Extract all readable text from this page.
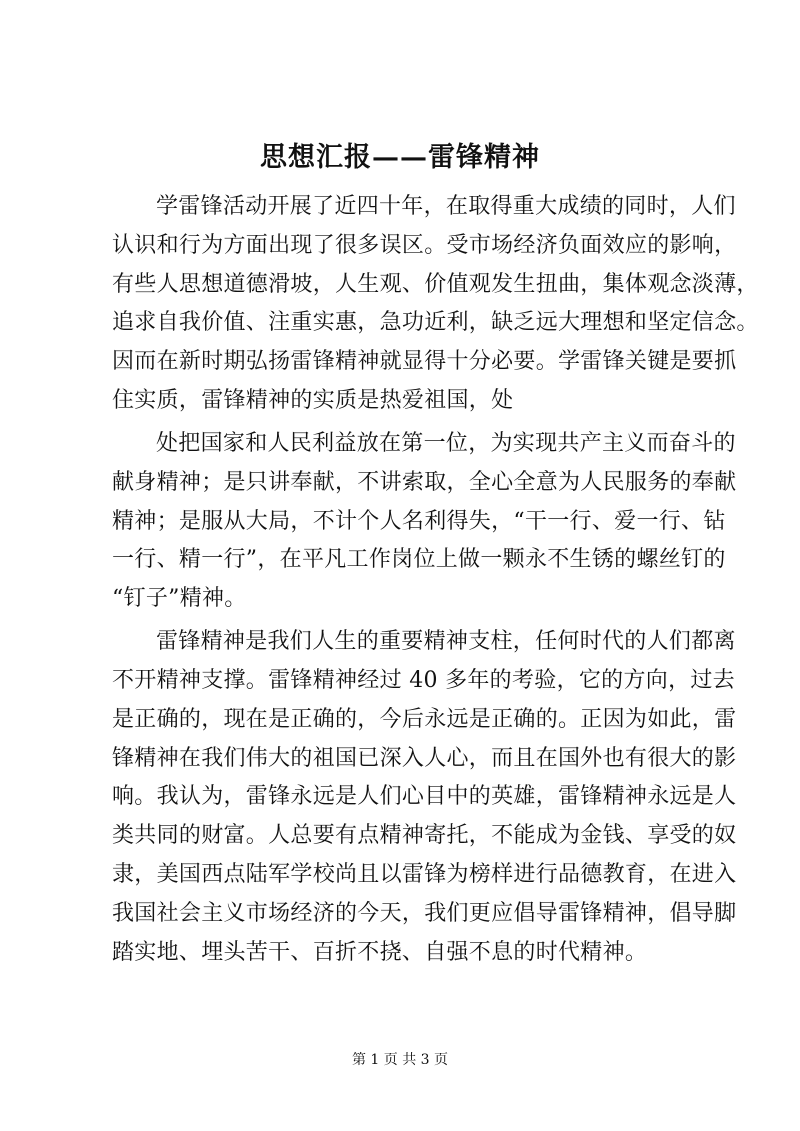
思想汇报——雷锋精神
学雷锋活动开展了近四十年，在取得重大成绩的同时，人们
认识和行为方面出现了很多误区。受市场经济负面效应的影响，
有些人思想道德滑坡，人生观、价值观发生扭曲，集体观念淡薄，
追求自我价值、注重实惠，急功近利，缺乏远大理想和坚定信念。
因而在新时期弘扬雷锋精神就显得十分必要。学雷锋关键是要抓
住实质，雷锋精神的实质是热爱祖国，处
处把国家和人民利益放在第一位，为实现共产主义而奋斗的
献身精神；是只讲奉献，不讲索取，全心全意为人民服务的奉献
精神；是服从大局，不计个人名利得失，“干一行、爱一行、钻
一行、精一行”，在平凡工作岗位上做一颗永不生锈的螺丝钉的
“钉子”精神。
雷锋精神是我们人生的重要精神支柱，任何时代的人们都离
不开精神支撑。雷锋精神经过 40 多年的考验，它的方向，过去
是正确的，现在是正确的，今后永远是正确的。正因为如此，雷
锋精神在我们伟大的祖国已深入人心，而且在国外也有很大的影
响。我认为，雷锋永远是人们心目中的英雄，雷锋精神永远是人
类共同的财富。人总要有点精神寄托，不能成为金钱、享受的奴
隶，美国西点陆军学校尚且以雷锋为榜样进行品德教育，在进入
我国社会主义市场经济的今天，我们更应倡导雷锋精神，倡导脚
踏实地、埋头苦干、百折不挠、自强不息的时代精神。
第 1 页 共 3 页
